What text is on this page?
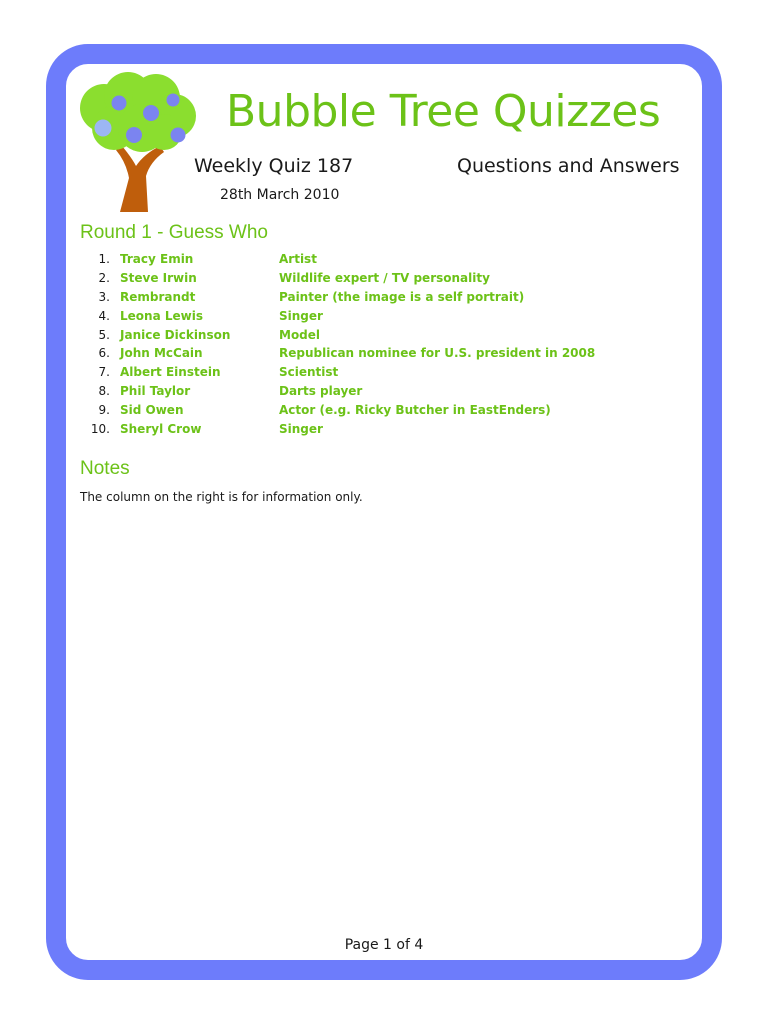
Bubble Tree Quizzes
Weekly Quiz 187	Questions and Answers
28th March 2010
Round 1 - Guess Who
1. Tracy Emin	Artist
2. Steve Irwin	Wildlife expert / TV personality
3. Rembrandt	Painter (the image is a self portrait)
4. Leona Lewis	Singer
5. Janice Dickinson	Model
6. John McCain	Republican nominee for U.S. president in 2008
7. Albert Einstein	Scientist
8. Phil Taylor	Darts player
9. Sid Owen	Actor (e.g. Ricky Butcher in EastEnders)
10. Sheryl Crow	Singer
Notes
The column on the right is for information only.
Page 1 of 4
